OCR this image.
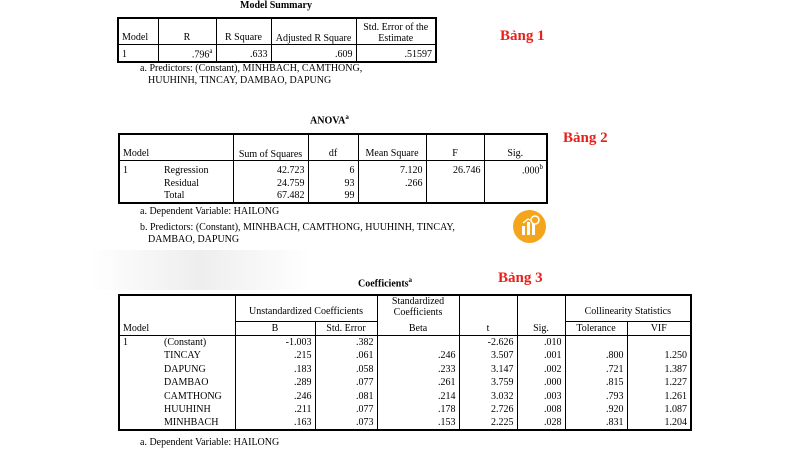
Model Summary
Bảng 1
Model	R	R Square	Adjusted R Square	Std. Error of the Estimate
1	.796$^a$	.633	.609	.51597
a. Predictors: (Constant), MINHBACH, CAMTHONG,
HUUHINH, TINCAY, DAMBAO, DAPUNG
ANOVA$^a$
Bảng 2
Model		Sum of Squares	df	Mean Square	F	Sig.
1	Regression	42.723	6	7.120	26.746	.000$^b$
	Residual	24.759	93	.266		
	Total	67.482	99			
a. Dependent Variable: HAILONG
b. Predictors: (Constant), MINHBACH, CAMTHONG, HUUHINH, TINCAY,
DAMBAO, DAPUNG
Coefficients$^a$	Bảng 3
		Unstandardized Coefficients		Standardized Coefficients			Collinearity Statistics	
Model		B	Std. Error	Beta	t	Sig.	Tolerance	VIF
1	(Constant)	-1.003	.382		-2.626	.010		
	TINCAY	.215	.061	.246	3.507	.001	.800	1.250
	DAPUNG	.183	.058	.233	3.147	.002	.721	1.387
	DAMBAO	.289	.077	.261	3.759	.000	.815	1.227
	CAMTHONG	.246	.081	.214	3.032	.003	.793	1.261
	HUUHINH	.211	.077	.178	2.726	.008	.920	1.087
	MINHBACH	.163	.073	.153	2.225	.028	.831	1.204
a. Dependent Variable: HAILONG
